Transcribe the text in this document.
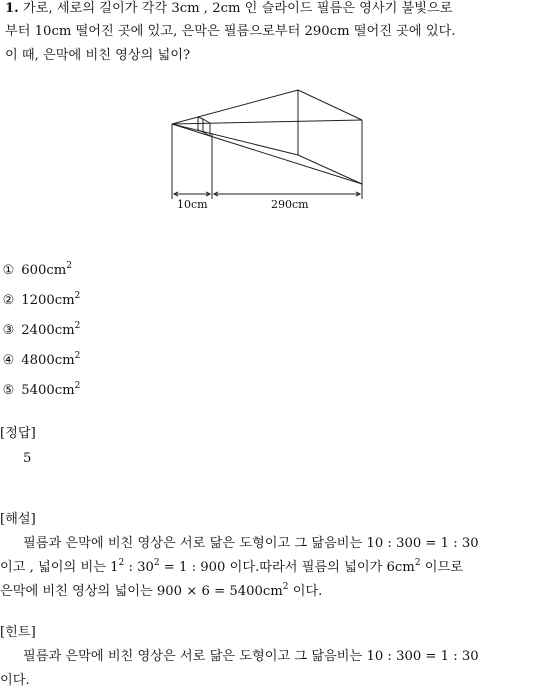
1. 가로, 세로의 길이가 각각 3cm , 2cm 인 슬라이드 필름은 영사기 불빛으로
부터 10cm 떨어진 곳에 있고, 은막은 필름으로부터 290cm 떨어진 곳에 있다.
이 때, 은막에 비친 영상의 넓이?
10cm	290cm
① $600cm^2$
② $1200cm^2$
③ $2400cm^2$
④ $4800cm^2$
⑤ $5400cm^2$
[정답]
5
[해설]
필름과 은막에 비친 영상은 서로 닮은 도형이고 그 닮음비는 10 : 300 = 1 : 30
이고 , 넓이의 비는 $1^2$ : $30^2 = 1$ : 900 이다.따라서 필름의 넓이가 $6cm^2$ 이므로
은막에 비친 영상의 넓이는 $900 \times 6 = 5400cm^2$ 이다.
[힌트]
필름과 은막에 비친 영상은 서로 닮은 도형이고 그 닮음비는 10 : 300 = 1 : 30
이다.
